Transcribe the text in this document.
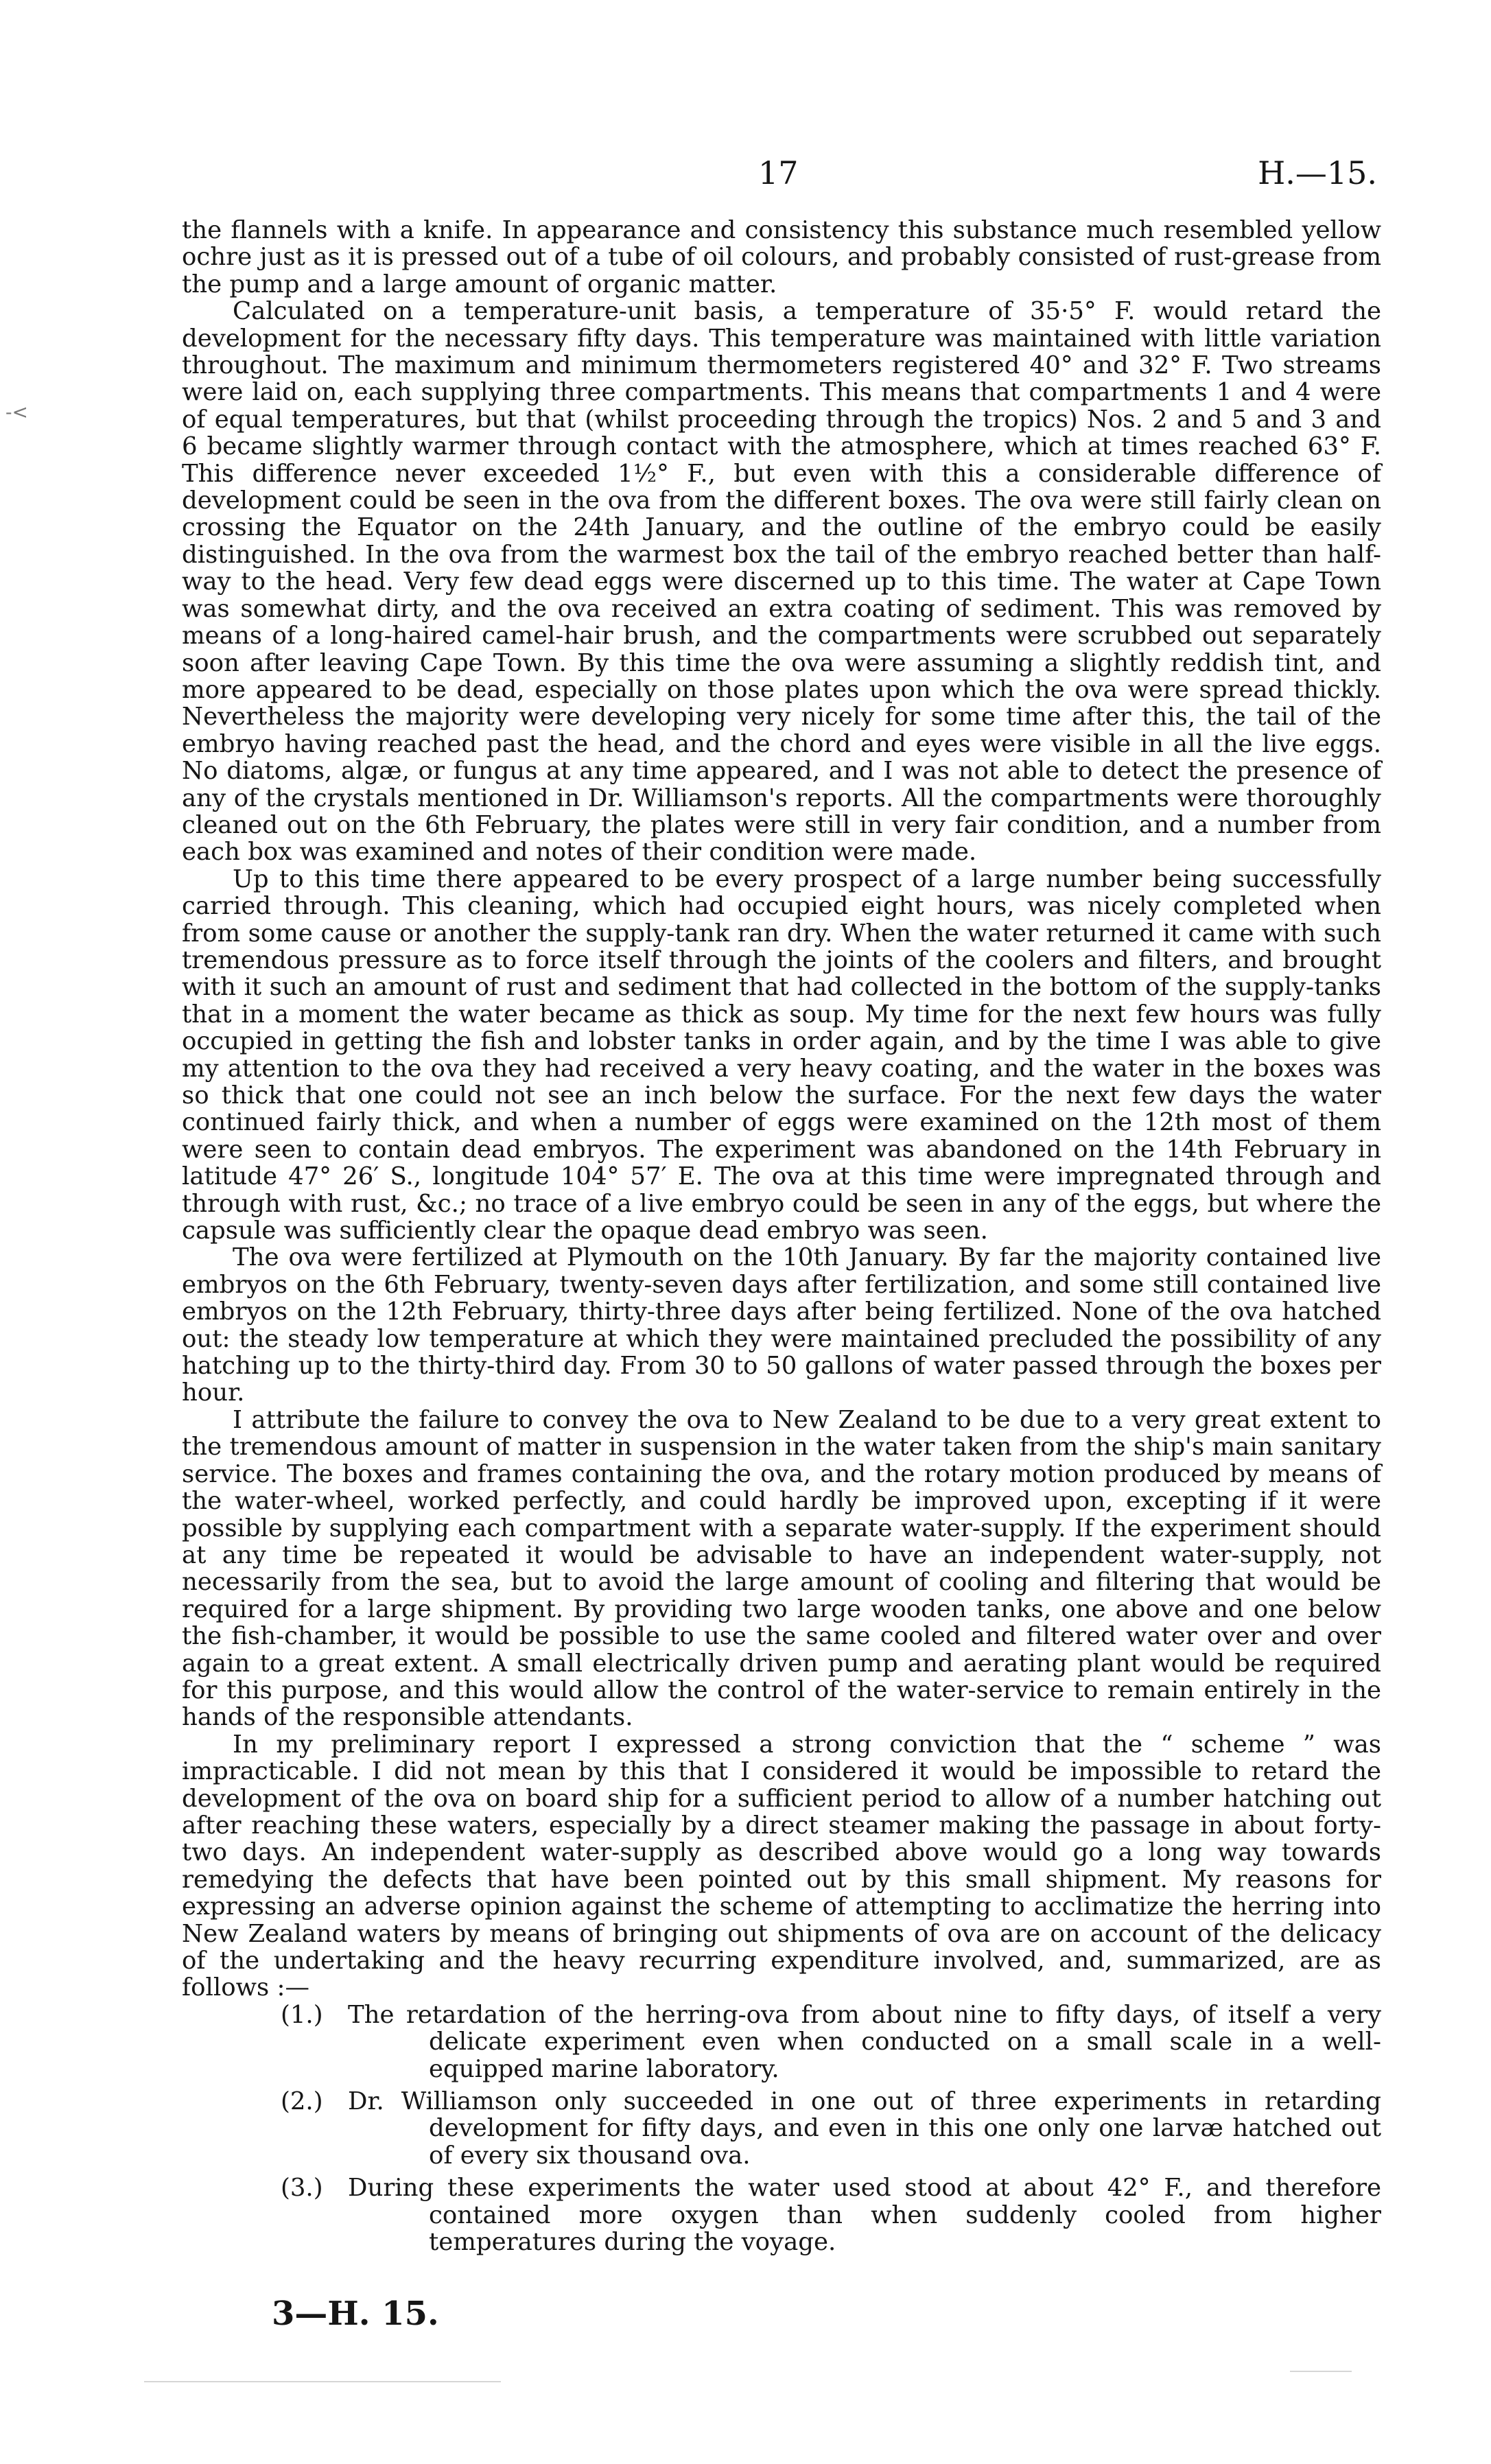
-<
17	H.—15.

the flannels with a knife. In appearance and consistency this substance much resembled yellow ochre just as it is pressed out of a tube of oil colours, and probably consisted of rust-grease from the pump and a large amount of organic matter.

Calculated on a temperature-unit basis, a temperature of 35·5° F. would retard the development for the necessary fifty days. This temperature was maintained with little variation throughout. The maximum and minimum thermometers registered 40° and 32° F. Two streams were laid on, each supplying three compartments. This means that compartments 1 and 4 were of equal temperatures, but that (whilst proceeding through the tropics) Nos. 2 and 5 and 3 and 6 became slightly warmer through contact with the atmosphere, which at times reached 63° F. This difference never exceeded 1½° F., but even with this a considerable difference of development could be seen in the ova from the different boxes. The ova were still fairly clean on crossing the Equator on the 24th January, and the outline of the embryo could be easily distinguished. In the ova from the warmest box the tail of the embryo reached better than half-way to the head. Very few dead eggs were discerned up to this time. The water at Cape Town was somewhat dirty, and the ova received an extra coating of sediment. This was removed by means of a long-haired camel-hair brush, and the compartments were scrubbed out separately soon after leaving Cape Town. By this time the ova were assuming a slightly reddish tint, and more appeared to be dead, especially on those plates upon which the ova were spread thickly. Nevertheless the majority were developing very nicely for some time after this, the tail of the embryo having reached past the head, and the chord and eyes were visible in all the live eggs. No diatoms, algæ, or fungus at any time appeared, and I was not able to detect the presence of any of the crystals mentioned in Dr. Williamson's reports. All the compartments were thoroughly cleaned out on the 6th February, the plates were still in very fair condition, and a number from each box was examined and notes of their condition were made.

Up to this time there appeared to be every prospect of a large number being successfully carried through. This cleaning, which had occupied eight hours, was nicely completed when from some cause or another the supply-tank ran dry. When the water returned it came with such tremendous pressure as to force itself through the joints of the coolers and filters, and brought with it such an amount of rust and sediment that had collected in the bottom of the supply-tanks that in a moment the water became as thick as soup. My time for the next few hours was fully occupied in getting the fish and lobster tanks in order again, and by the time I was able to give my attention to the ova they had received a very heavy coating, and the water in the boxes was so thick that one could not see an inch below the surface. For the next few days the water continued fairly thick, and when a number of eggs were examined on the 12th most of them were seen to contain dead embryos. The experiment was abandoned on the 14th February in latitude 47° 26′ S., longitude 104° 57′ E. The ova at this time were impregnated through and through with rust, &c.; no trace of a live embryo could be seen in any of the eggs, but where the capsule was sufficiently clear the opaque dead embryo was seen.

The ova were fertilized at Plymouth on the 10th January. By far the majority contained live embryos on the 6th February, twenty-seven days after fertilization, and some still contained live embryos on the 12th February, thirty-three days after being fertilized. None of the ova hatched out: the steady low temperature at which they were maintained precluded the possibility of any hatching up to the thirty-third day. From 30 to 50 gallons of water passed through the boxes per hour.

I attribute the failure to convey the ova to New Zealand to be due to a very great extent to the tremendous amount of matter in suspension in the water taken from the ship's main sanitary service. The boxes and frames containing the ova, and the rotary motion produced by means of the water-wheel, worked perfectly, and could hardly be improved upon, excepting if it were possible by supplying each compartment with a separate water-supply. If the experiment should at any time be repeated it would be advisable to have an independent water-supply, not necessarily from the sea, but to avoid the large amount of cooling and filtering that would be required for a large shipment. By providing two large wooden tanks, one above and one below the fish-chamber, it would be possible to use the same cooled and filtered water over and over again to a great extent. A small electrically driven pump and aerating plant would be required for this purpose, and this would allow the control of the water-service to remain entirely in the hands of the responsible attendants.

In my preliminary report I expressed a strong conviction that the “ scheme ” was impracticable. I did not mean by this that I considered it would be impossible to retard the development of the ova on board ship for a sufficient period to allow of a number hatching out after reaching these waters, especially by a direct steamer making the passage in about forty-two days. An independent water-supply as described above would go a long way towards remedying the defects that have been pointed out by this small shipment. My reasons for expressing an adverse opinion against the scheme of attempting to acclimatize the herring into New Zealand waters by means of bringing out shipments of ova are on account of the delicacy of the undertaking and the heavy recurring expenditure involved, and, summarized, are as follows :—

(1.)	The retardation of the herring-ova from about nine to fifty days, of itself a very delicate experiment even when conducted on a small scale in a well-equipped marine laboratory.
(2.)	Dr. Williamson only succeeded in one out of three experiments in retarding development for fifty days, and even in this one only one larvæ hatched out of every six thousand ova.
(3.)	During these experiments the water used stood at about 42° F., and therefore contained more oxygen than when suddenly cooled from higher temperatures during the voyage.
3—H. 15.
